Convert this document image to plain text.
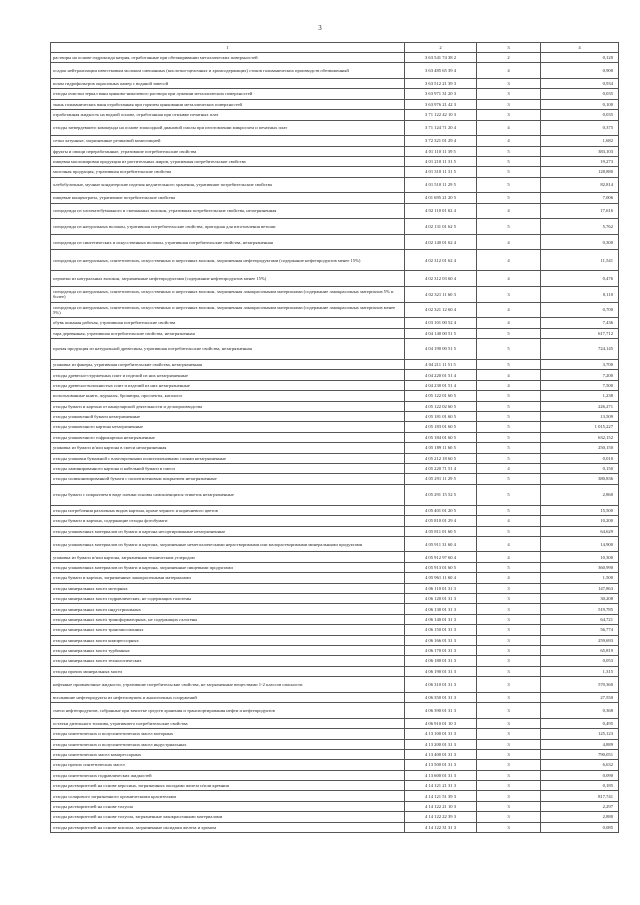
3
1	2	3	4
растворы на основе гидроксида натрия, отработанные при обезжиривании металлических поверхностей	3 63 541 74 38 2	2	0,120
осадок нейтрализации известковым молоком смешанных (кислотно-щелочных и хромсодержащих) стоков гальванических производств обезвоженный	3 63 485 65 39 4	4	0,900
шлам гидрофильтров окрасочных камер с водяной завесой	3 63 512 21 39 3	3	0,934
отходы очистки зеркал ванн цинково-никелевого раствора при лужении металлических поверхностей	3 63 971 31 20 3	3	0,035
ткань гальванических ванн отработанная при горячем цинковании металлических поверхностей	3 63 976 21 42 3	3	0,100
отработанная жидкость на водной основе, отработанная при отмывке печатных плат	3 71 122 42 10 3	3	0,035
отходы затвердевшего компаунда на основе эпоксидной диановой смолы при изготовлении микросхем и печатных плат	3 71 124 71 20 4	4	0,375
сетки латунные, загрязненные резиновой композицией	3 72 321 01 29 4	4	1,682
фрукты и овощи переработанные, утратившие потребительские свойства	4 01 110 11 39 5	5	383,103
пищевая масложировая продукция из растительных жиров, утратившая потребительские свойства	4 01 210 11 31 5	5	19,273
молочная продукция, утратившая потребительские свойства	4 01 310 11 31 5	5	128,880
хлебобулочные, мучные кондитерские изделия недлительного хранения, утратившие потребительские свойства	4 01 510 11 29 5	5	82,814
пищевые концентраты, утратившие потребительские свойства	4 01 695 21 20 5	5	7,006
спецодежда из хлопчатобумажного и смешанных волокон, утратившая потребительские свойства, незагрязненная	4 02 110 01 62 4	4	17,616
спецодежда из натуральных волокон, утратившая потребительские свойства, пригодная для изготовления ветоши	4 02 131 01 62 5	5	5,762
спецодежда из синтетических и искусственных волокон, утратившая потребительские свойства, незагрязненная	4 02 140 01 62 4	4	0,300
спецодежда из натуральных, синтетических, искусственных и шерстяных волокон, загрязненная нефтепродуктами (содержание нефтепродуктов менее 15%)	4 02 312 01 62 4	4	11,541
перчатки из натуральных волокон, загрязненные нефтепродуктами (содержание нефтепродуктов менее 15%)	4 02 312 03 60 4	4	0,476
спецодежда из натуральных, синтетических, искусственных и шерстяных волокон, загрязненная лакокрасочными материалами (содержание лакокрасочных материалов 5% и более)	4 02 321 11 60 3	3	0,110
спецодежда из натуральных, синтетических, искусственных и шерстяных волокон, загрязненная лакокрасочными материалами (содержание лакокрасочных материалов менее 5%)	4 02 321 12 60 4	4	0,700
обувь кожаная рабочая, утратившая потребительские свойства	4 03 101 00 52 4	4	7,436
тара деревянная, утратившая потребительские свойства, незагрязненная	4 04 140 00 51 5	5	617,712
прочая продукция из натуральной древесины, утратившая потребительские свойства, незагрязненная	4 04 190 00 51 5	5	724,145
упаковка из фанеры, утратившая потребительские свойства, незагрязненная	4 04 211 11 51 5	5	3,700
отходы древесно-стружечных плит и изделий из них незагрязненные	4 04 220 01 51 4	4	7,200
отходы древесно-волокнистых плит и изделий из них незагрязненные	4 04 230 01 51 4	4	7,500
использованные книги, журналы, брошюры, проспекты, каталоги	4 05 122 01 60 5	5	1,238
отходы бумаги и картона от канцелярской деятельности и делопроизводства	4 05 122 02 60 5	5	226,271
отходы упаковочной бумаги незагрязненные	4 05 181 01 60 5	5	13,509
отходы упаковочного картона незагрязненные	4 05 183 01 60 5	5	1 015,227
отходы упаковочного гофрокартона незагрязненные	4 05 184 01 60 5	5	632,152
упаковка из бумаги и/или картона в смеси незагрязненная	4 05 189 11 60 5	5	250,150
отходы упаковки бумажной с влагопрочными полиэтиленовыми слоями незагрязненные	4 05 212 18 60 5	5	0,010
отходы ламинированного картона и кабельной бумаги в смеси	4 05 220 71 51 4	4	0,150
отходы силиконизированной бумаги с полиэтиленовым покрытием незагрязненные	4 05 291 11 29 5	5	380,836
отходы бумаги с покрытием в виде пленки основы самоклеящихся этикеток незагрязненные	4 05 291 15 52 5	5	2,860
отходы потребления различных видов картона, кроме черного и коричневого цветов	4 05 401 01 20 5	5	15,500
отходы бумаги и картона, содержащие отходы фотобумаги	4 05 810 01 29 4	4	10,200
отходы упаковочных материалов из бумаги и картона несортированные незагрязненные	4 05 811 01 60 5	5	64,629
отходы упаковочных материалов из бумаги и картона, загрязненные неметаллическими нерастворимыми или малорастворимыми минеральными продуктами	4 05 911 31 60 4	4	14,900
упаковка из бумаги и/или картона, загрязненная техническим углеродом	4 05 912 97 60 4	4	10,300
отходы упаковочных материалов из бумаги и картона, загрязненные пищевыми продуктами	4 05 913 01 60 5	5	360,990
отходы бумаги и картона, загрязненные лакокрасочными материалами	4 05 961 11 60 4	4	1,500
отходы минеральных масел моторных	4 06 110 01 31 3	3	147,863
отходы минеральных масел гидравлических, не содержащих галогены	4 06 120 01 31 3	3	30,208
отходы минеральных масел индустриальных	4 06 130 01 31 3	3	519,785
отходы минеральных масел трансформаторных, не содержащих галогены	4 06 140 01 31 3	3	64,721
отходы минеральных масел трансмиссионных	4 06 150 01 31 3	3	56,774
отходы минеральных масел компрессорных	4 06 166 01 31 3	3	259,693
отходы минеральных масел турбинных	4 06 170 01 31 3	3	65,819
отходы минеральных масел технологических	4 06 180 01 31 3	3	0,053
отходы прочих минеральных масел	4 06 190 01 31 3	3	1,315
нефтяные промывочные жидкости, утратившие потребительские свойства, не загрязненные веществами 1-2 классов опасности	4 06 310 01 31 3	3	570,360
всплывшие нефтепродукты из нефтеловушек и аналогичных сооружений	4 06 350 01 31 3	3	27,550
смеси нефтепродуктов, собранные при зачистке средств хранения и транспортирования нефти и нефтепродуктов	4 06 390 01 31 3	3	0,368
остатки дизельного топлива, утратившего потребительские свойства	4 06 910 01 10 3	3	0,495
отходы синтетических и полусинтетических масел моторных	4 13 100 01 31 3	3	125,123
отходы синтетических и полусинтетических масел индустриальных	4 13 200 01 31 3	3	4,889
отходы синтетических масел компрессорных	4 13 400 01 31 3	3	790,051
отходы прочих синтетических масел	4 13 500 01 31 3	3	6,632
отходы синтетических гидравлических жидкостей	4 13 600 01 31 3	3	0,090
отходы растворителей на основе керосина, загрязненных оксидами железа и/или кремния	4 14 121 21 31 3	3	0,185
отходы солярового загрязненного органическими красителями	4 14 121 51 39 3	3	817,741
отходы растворителей на основе толуола	4 14 122 21 10 3	3	2,297
отходы растворителей на основе толуола, загрязненные лакокрасочными материалами	4 14 122 22 39 3	3	2,880
отходы растворителей на основе ксилола, загрязненные оксидами железа и хромом	4 14 122 31 31 3	3	0,085
